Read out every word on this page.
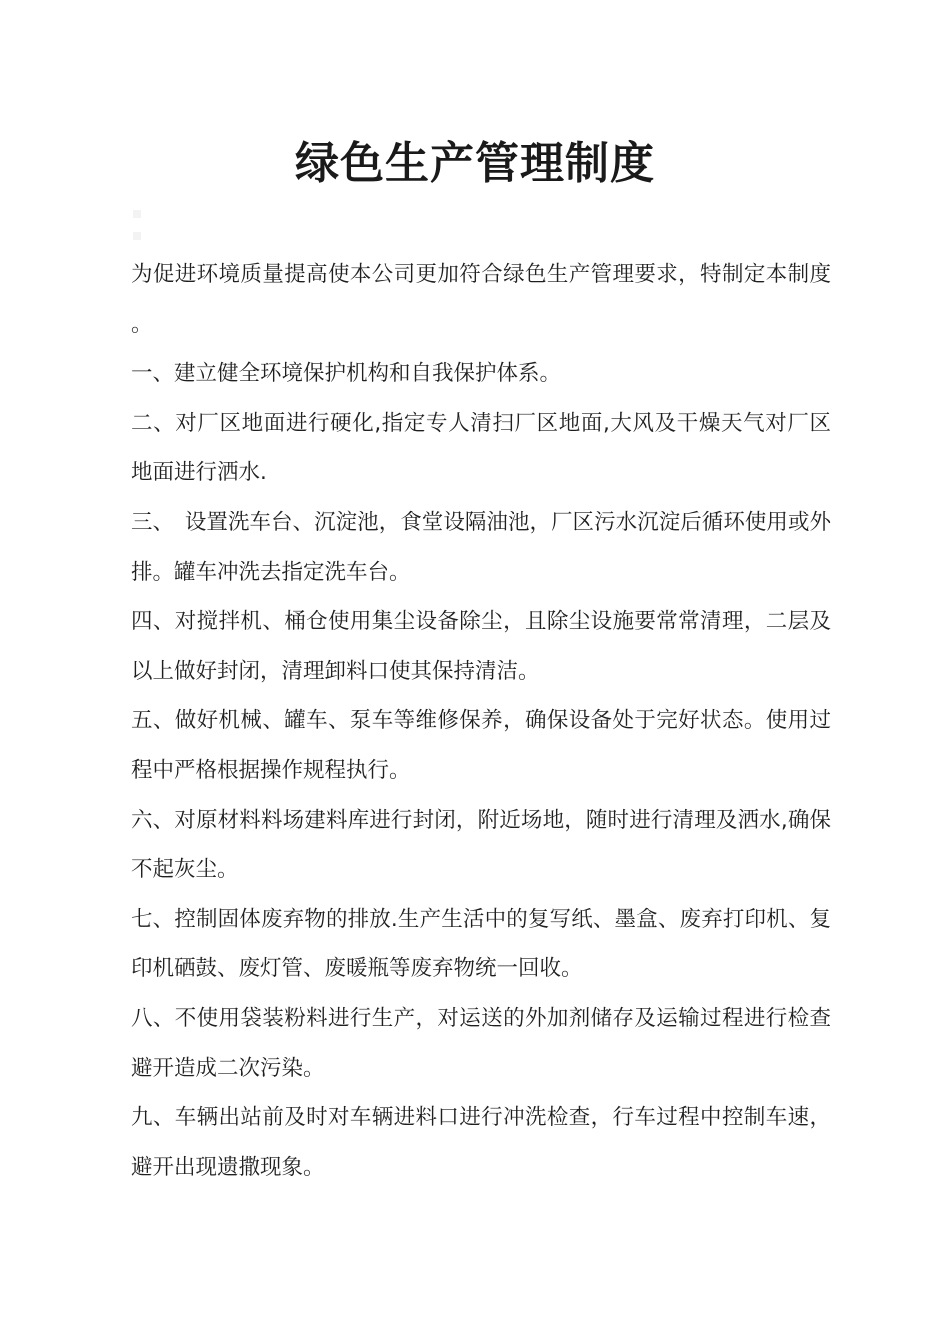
绿色生产管理制度

为促进环境质量提高使本公司更加符合绿色生产管理要求，特制定本制度。

一、建立健全环境保护机构和自我保护体系。

二、对厂区地面进行硬化,指定专人清扫厂区地面,大风及干燥天气对厂区地面进行洒水.

三、　设置洗车台、沉淀池，食堂设隔油池，厂区污水沉淀后循环使用或外排。罐车冲洗去指定洗车台。

四、对搅拌机、桶仓使用集尘设备除尘，且除尘设施要常常清理，二层及以上做好封闭，清理卸料口使其保持清洁。

五、做好机械、罐车、泵车等维修保养，确保设备处于完好状态。使用过程中严格根据操作规程执行。

六、对原材料料场建料库进行封闭，附近场地，随时进行清理及洒水,确保不起灰尘。

七、控制固体废弃物的排放.生产生活中的复写纸、墨盒、废弃打印机、复印机硒鼓、废灯管、废暖瓶等废弃物统一回收。

八、不使用袋装粉料进行生产，对运送的外加剂储存及运输过程进行检查避开造成二次污染。

九、车辆出站前及时对车辆进料口进行冲洗检查，行车过程中控制车速，避开出现遗撒现象。
